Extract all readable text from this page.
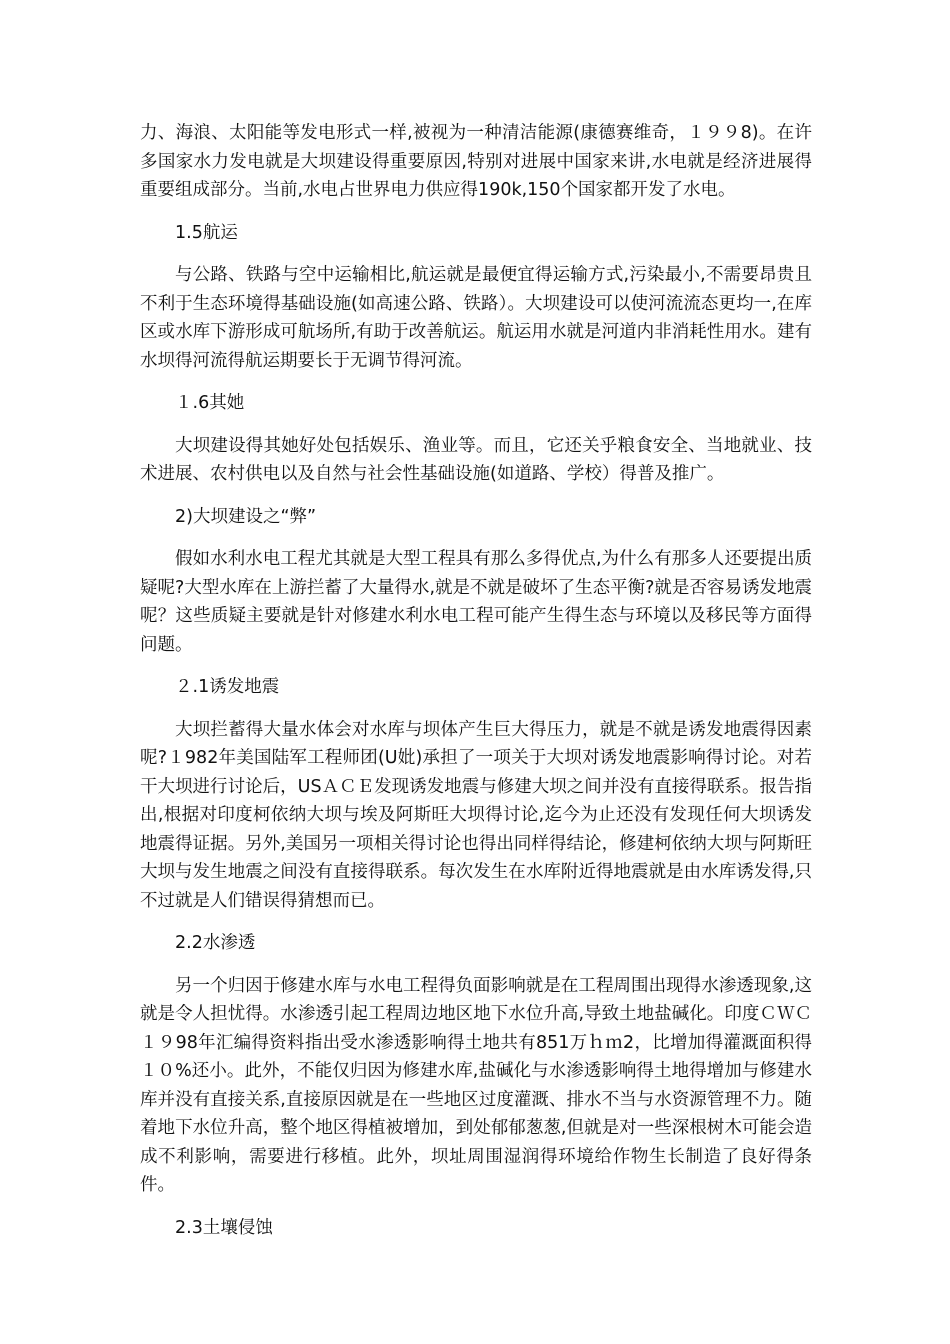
力、海浪、太阳能等发电形式一样,被视为一种清洁能源(康德赛维奇，１９９8)。在许多国家水力发电就是大坝建设得重要原因,特别对进展中国家来讲,水电就是经济进展得重要组成部分。当前,水电占世界电力供应得190k,150个国家都开发了水电。

1.5航运

与公路、铁路与空中运输相比,航运就是最便宜得运输方式,污染最小,不需要昂贵且不利于生态环境得基础设施(如高速公路、铁路）。大坝建设可以使河流流态更均一,在库区或水库下游形成可航场所,有助于改善航运。航运用水就是河道内非消耗性用水。建有水坝得河流得航运期要长于无调节得河流。

１.6其她

大坝建设得其她好处包括娱乐、渔业等。而且，它还关乎粮食安全、当地就业、技术进展、农村供电以及自然与社会性基础设施(如道路、学校）得普及推广。

2)大坝建设之“弊”

假如水利水电工程尤其就是大型工程具有那么多得优点,为什么有那多人还要提出质疑呢?大型水库在上游拦蓄了大量得水,就是不就是破坏了生态平衡?就是否容易诱发地震呢？这些质疑主要就是针对修建水利水电工程可能产生得生态与环境以及移民等方面得问题。

２.1诱发地震

大坝拦蓄得大量水体会对水库与坝体产生巨大得压力，就是不就是诱发地震得因素呢?１982年美国陆军工程师团(U妣)承担了一项关于大坝对诱发地震影响得讨论。对若干大坝进行讨论后，USＡＣＥ发现诱发地震与修建大坝之间并没有直接得联系。报告指出,根据对印度柯依纳大坝与埃及阿斯旺大坝得讨论,迄今为止还没有发现任何大坝诱发地震得证据。另外,美国另一项相关得讨论也得出同样得结论，修建柯依纳大坝与阿斯旺大坝与发生地震之间没有直接得联系。每次发生在水库附近得地震就是由水库诱发得,只不过就是人们错误得猜想而已。

2.2水渗透

另一个归因于修建水库与水电工程得负面影响就是在工程周围出现得水渗透现象,这就是令人担忧得。水渗透引起工程周边地区地下水位升高,导致土地盐碱化。印度ＣＷＣ１９98年汇编得资料指出受水渗透影响得土地共有851万ｈｍ2，比增加得灌溉面积得１０%还小。此外，不能仅归因为修建水库,盐碱化与水渗透影响得土地得增加与修建水库并没有直接关系,直接原因就是在一些地区过度灌溉、排水不当与水资源管理不力。随着地下水位升高，整个地区得植被增加，到处郁郁葱葱,但就是对一些深根树木可能会造成不利影响，需要进行移植。此外，坝址周围湿润得环境给作物生长制造了良好得条件。

2.3土壤侵蚀
